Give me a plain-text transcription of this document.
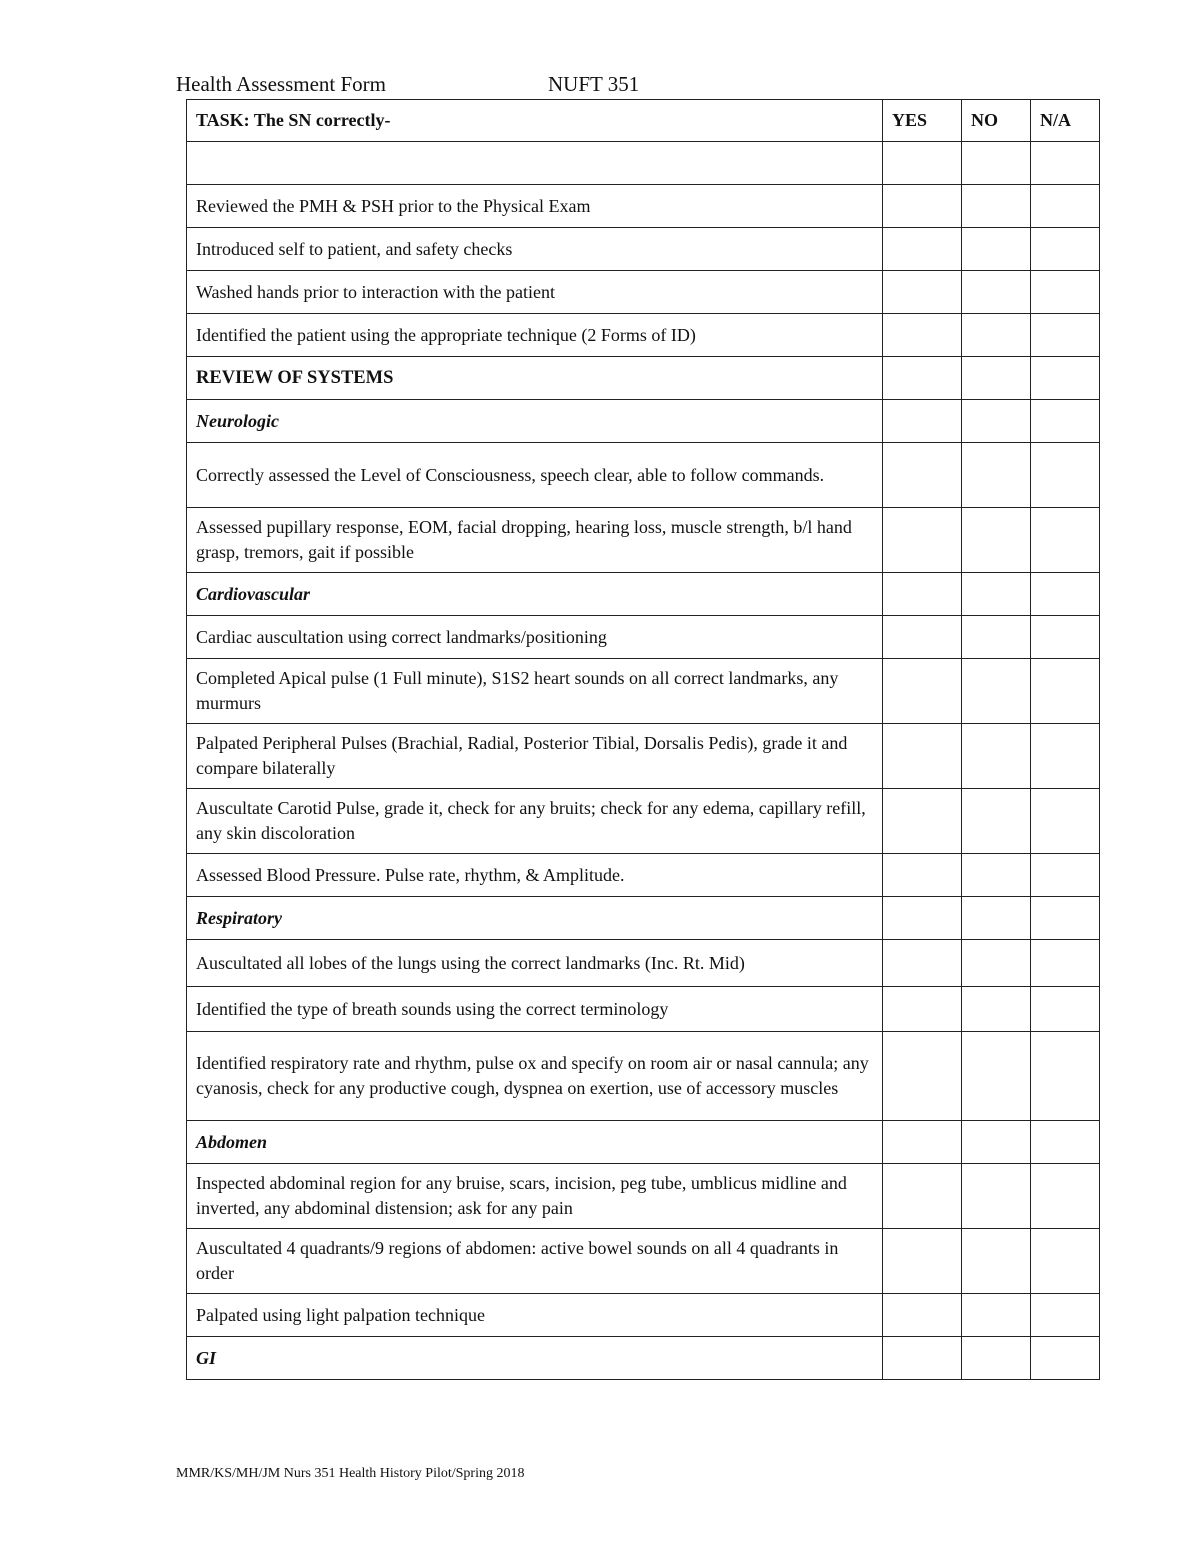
Health Assessment Form	NUFT 351
TASK: The SN correctly-	YES	NO	N/A

Reviewed the PMH & PSH prior to the Physical Exam			
Introduced self to patient, and safety checks			
Washed hands prior to interaction with the patient			
Identified the patient using the appropriate technique (2 Forms of ID)			
REVIEW OF SYSTEMS			
Neurologic			
Correctly assessed the Level of Consciousness, speech clear, able to follow commands.			
Assessed pupillary response, EOM, facial dropping, hearing loss, muscle strength, b/l hand grasp, tremors, gait if possible			
Cardiovascular			
Cardiac auscultation using correct landmarks/positioning			
Completed Apical pulse (1 Full minute), S1S2 heart sounds on all correct landmarks, any murmurs			
Palpated Peripheral Pulses (Brachial, Radial, Posterior Tibial, Dorsalis Pedis), grade it and compare bilaterally			
Auscultate Carotid Pulse, grade it, check for any bruits; check for any edema, capillary refill, any skin discoloration			
Assessed Blood Pressure. Pulse rate, rhythm, & Amplitude.			
Respiratory			
Auscultated all lobes of the lungs using the correct landmarks (Inc. Rt. Mid)			
Identified the type of breath sounds using the correct terminology			
Identified respiratory rate and rhythm, pulse ox and specify on room air or nasal cannula; any cyanosis, check for any productive cough, dyspnea on exertion, use of accessory muscles			
Abdomen			
Inspected abdominal region for any bruise, scars, incision, peg tube, umblicus midline and inverted, any abdominal distension; ask for any pain			
Auscultated 4 quadrants/9 regions of abdomen: active bowel sounds on all 4 quadrants in order			
Palpated using light palpation technique			
GI			
MMR/KS/MH/JM Nurs 351 Health History Pilot/Spring 2018
